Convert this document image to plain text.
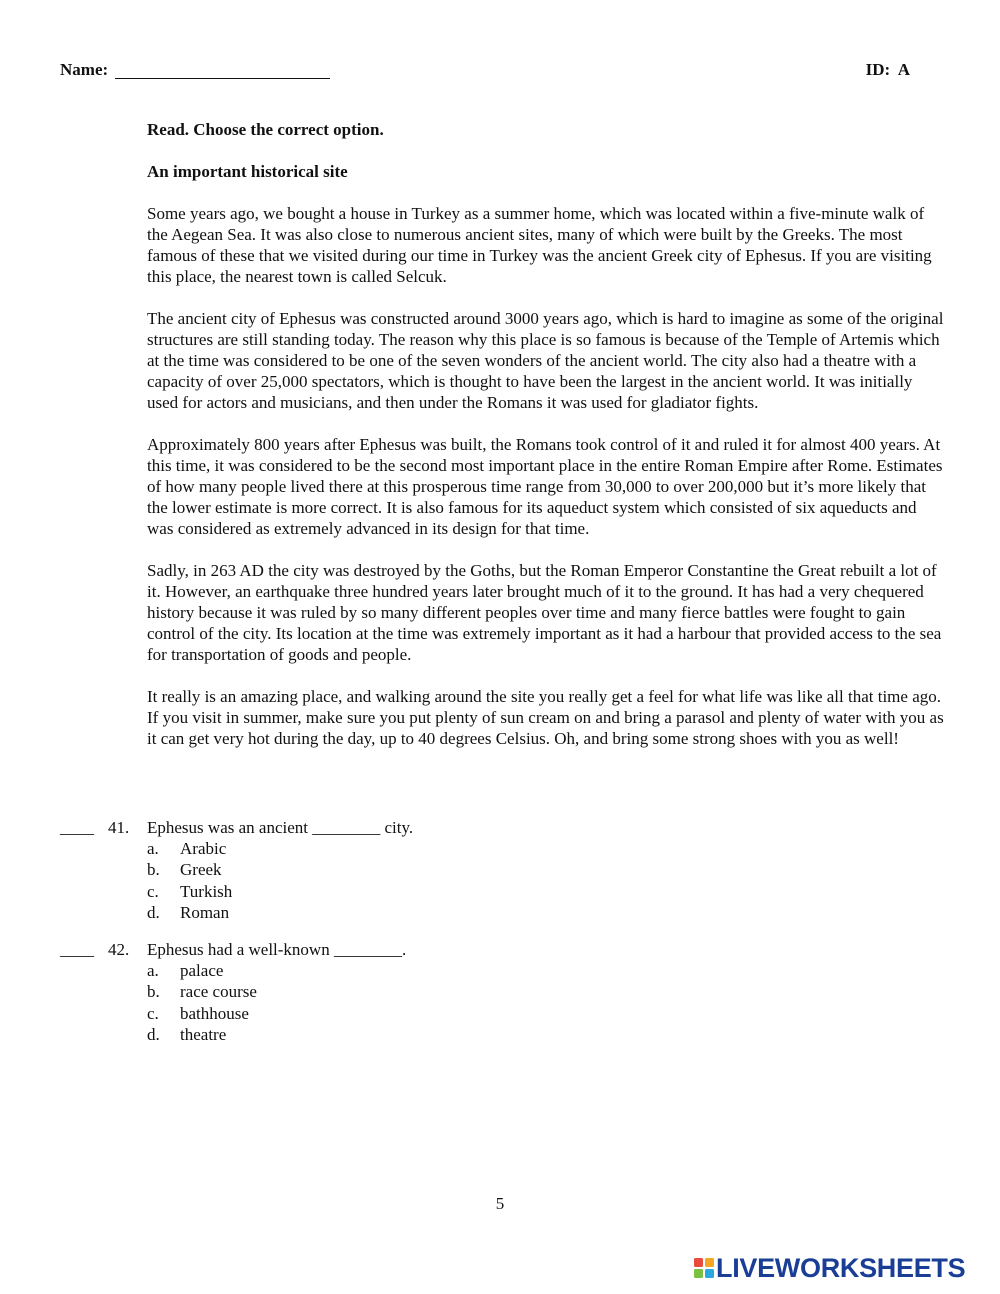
Name:	ID: A

Read. Choose the correct option.

An important historical site

Some years ago, we bought a house in Turkey as a summer home, which was located within a five-minute walk of the Aegean Sea. It was also close to numerous ancient sites, many of which were built by the Greeks. The most famous of these that we visited during our time in Turkey was the ancient Greek city of Ephesus. If you are visiting this place, the nearest town is called Selcuk.

The ancient city of Ephesus was constructed around 3000 years ago, which is hard to imagine as some of the original structures are still standing today. The reason why this place is so famous is because of the Temple of Artemis which at the time was considered to be one of the seven wonders of the ancient world. The city also had a theatre with a capacity of over 25,000 spectators, which is thought to have been the largest in the ancient world. It was initially used for actors and musicians, and then under the Romans it was used for gladiator fights.

Approximately 800 years after Ephesus was built, the Romans took control of it and ruled it for almost 400 years. At this time, it was considered to be the second most important place in the entire Roman Empire after Rome. Estimates of how many people lived there at this prosperous time range from 30,000 to over 200,000 but it’s more likely that the lower estimate is more correct. It is also famous for its aqueduct system which consisted of six aqueducts and was considered as extremely advanced in its design for that time.

Sadly, in 263 AD the city was destroyed by the Goths, but the Roman Emperor Constantine the Great rebuilt a lot of it. However, an earthquake three hundred years later brought much of it to the ground. It has had a very chequered history because it was ruled by so many different peoples over time and many fierce battles were fought to gain control of the city. Its location at the time was extremely important as it had a harbour that provided access to the sea for transportation of goods and people.

It really is an amazing place, and walking around the site you really get a feel for what life was like all that time ago. If you visit in summer, make sure you put plenty of sun cream on and bring a parasol and plenty of water with you as it can get very hot during the day, up to 40 degrees Celsius. Oh, and bring some strong shoes with you as well!

____ 41. Ephesus was an ancient ________ city.
a. Arabic
b. Greek
c. Turkish
d. Roman
____ 42. Ephesus had a well-known ________.
a. palace
b. race course
c. bathhouse
d. theatre
5
LIVEWORKSHEETS
